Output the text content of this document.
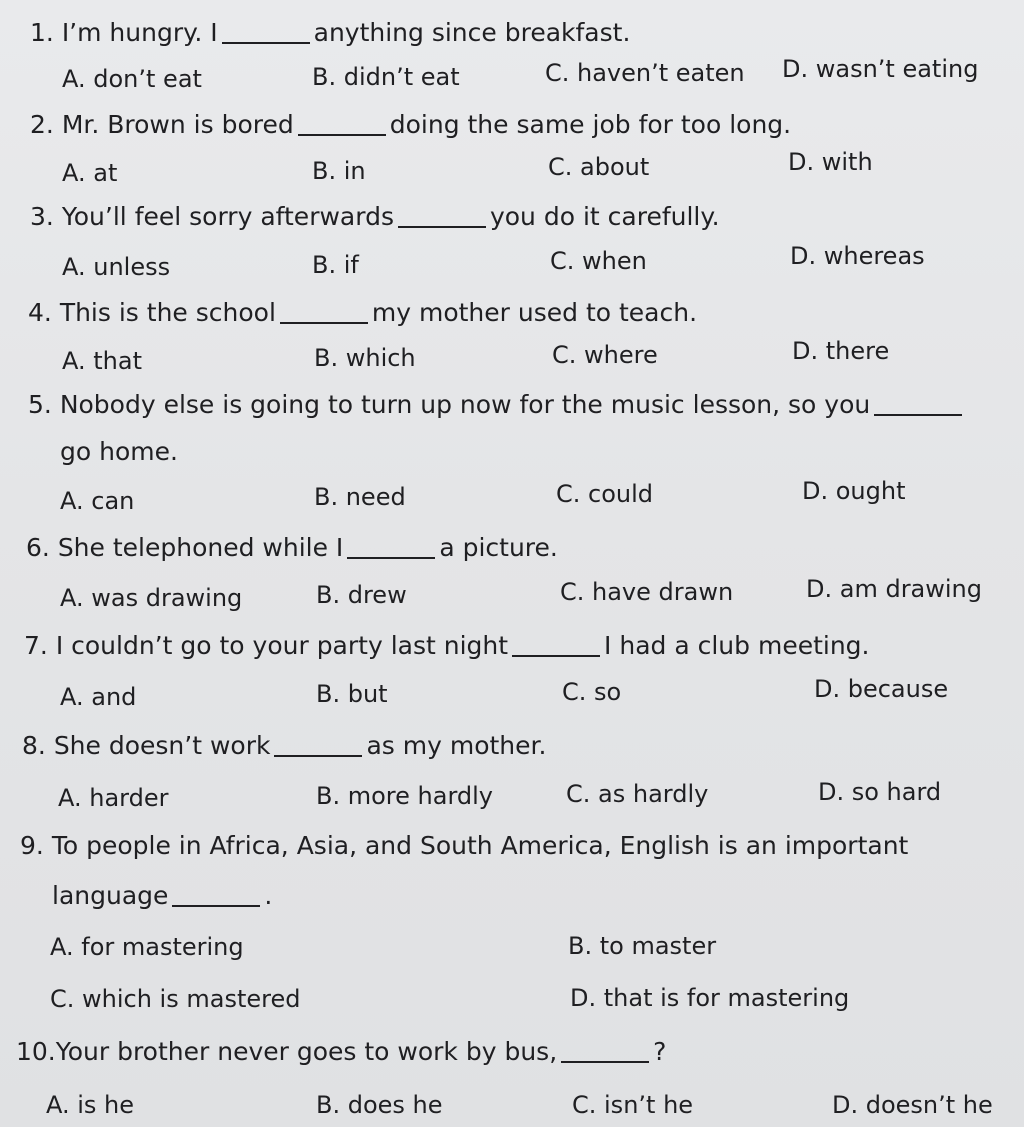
1. I’m hungry. I	anything since breakfast.
A. don’t eat	B. didn’t eat	C. haven’t eaten D. wasn’t eating
2. Mr. Brown is bored	doing the same job for too long.
A. at	B. in	C. about	D. with
3. You’ll feel sorry afterwards	you do it carefully.
A. unless	B. if	C. when	D. whereas
4. This is the school	my mother used to teach.
A. that	B. which	C. where	D. there
5. Nobody else is going to turn up now for the music lesson, so you
go home.
A. can	B. need	C. could	D. ought
6. She telephoned while I	a picture.
A. was drawing	B. drew	C. have drawn	D. am drawing
7. I couldn’t go to your party last night	I had a club meeting.
A. and	B. but	C. so	D. because
8. She doesn’t work	as my mother.
A. harder	B. more hardly	C. as hardly	D. so hard
9. To people in Africa, Asia, and South America, English is an important
language	.
A. for mastering	B. to master
C. which is mastered	D. that is for mastering
10.Your brother never goes to work by bus,	?
A. is he	B. does he	C. isn’t he	D. doesn’t he
